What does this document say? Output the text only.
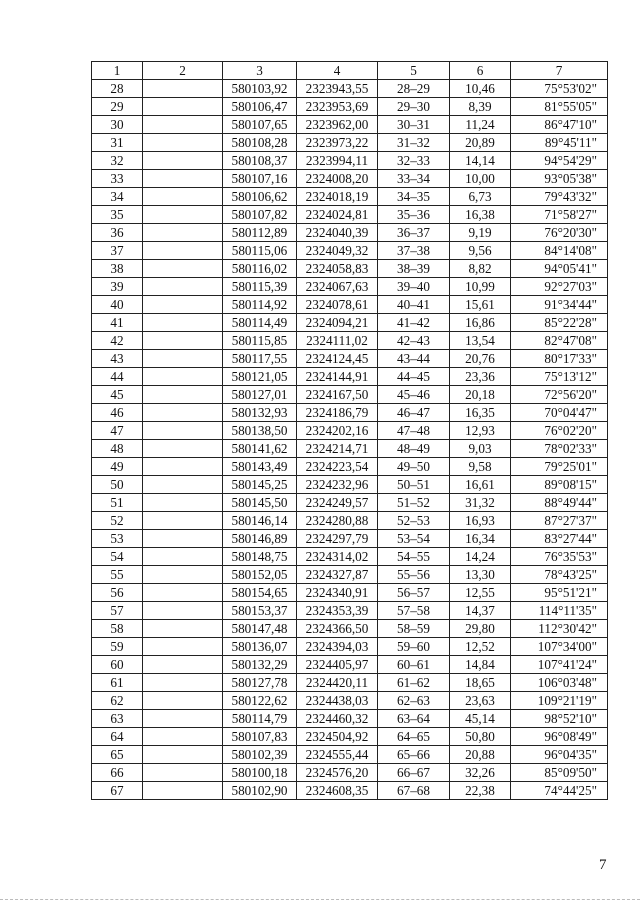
1	2	3	4	5	6	7
28		580103,92	2323943,55	28–29	10,46	75°53'02"
29		580106,47	2323953,69	29–30	8,39	81°55'05"
30		580107,65	2323962,00	30–31	11,24	86°47'10"
31		580108,28	2323973,22	31–32	20,89	89°45'11"
32		580108,37	2323994,11	32–33	14,14	94°54'29"
33		580107,16	2324008,20	33–34	10,00	93°05'38"
34		580106,62	2324018,19	34–35	6,73	79°43'32"
35		580107,82	2324024,81	35–36	16,38	71°58'27"
36		580112,89	2324040,39	36–37	9,19	76°20'30"
37		580115,06	2324049,32	37–38	9,56	84°14'08"
38		580116,02	2324058,83	38–39	8,82	94°05'41"
39		580115,39	2324067,63	39–40	10,99	92°27'03"
40		580114,92	2324078,61	40–41	15,61	91°34'44"
41		580114,49	2324094,21	41–42	16,86	85°22'28"
42		580115,85	2324111,02	42–43	13,54	82°47'08"
43		580117,55	2324124,45	43–44	20,76	80°17'33"
44		580121,05	2324144,91	44–45	23,36	75°13'12"
45		580127,01	2324167,50	45–46	20,18	72°56'20"
46		580132,93	2324186,79	46–47	16,35	70°04'47"
47		580138,50	2324202,16	47–48	12,93	76°02'20"
48		580141,62	2324214,71	48–49	9,03	78°02'33"
49		580143,49	2324223,54	49–50	9,58	79°25'01"
50		580145,25	2324232,96	50–51	16,61	89°08'15"
51		580145,50	2324249,57	51–52	31,32	88°49'44"
52		580146,14	2324280,88	52–53	16,93	87°27'37"
53		580146,89	2324297,79	53–54	16,34	83°27'44"
54		580148,75	2324314,02	54–55	14,24	76°35'53"
55		580152,05	2324327,87	55–56	13,30	78°43'25"
56		580154,65	2324340,91	56–57	12,55	95°51'21"
57		580153,37	2324353,39	57–58	14,37	114°11'35"
58		580147,48	2324366,50	58–59	29,80	112°30'42"
59		580136,07	2324394,03	59–60	12,52	107°34'00"
60		580132,29	2324405,97	60–61	14,84	107°41'24"
61		580127,78	2324420,11	61–62	18,65	106°03'48"
62		580122,62	2324438,03	62–63	23,63	109°21'19"
63		580114,79	2324460,32	63–64	45,14	98°52'10"
64		580107,83	2324504,92	64–65	50,80	96°08'49"
65		580102,39	2324555,44	65–66	20,88	96°04'35"
66		580100,18	2324576,20	66–67	32,26	85°09'50"
67		580102,90	2324608,35	67–68	22,38	74°44'25"
7
